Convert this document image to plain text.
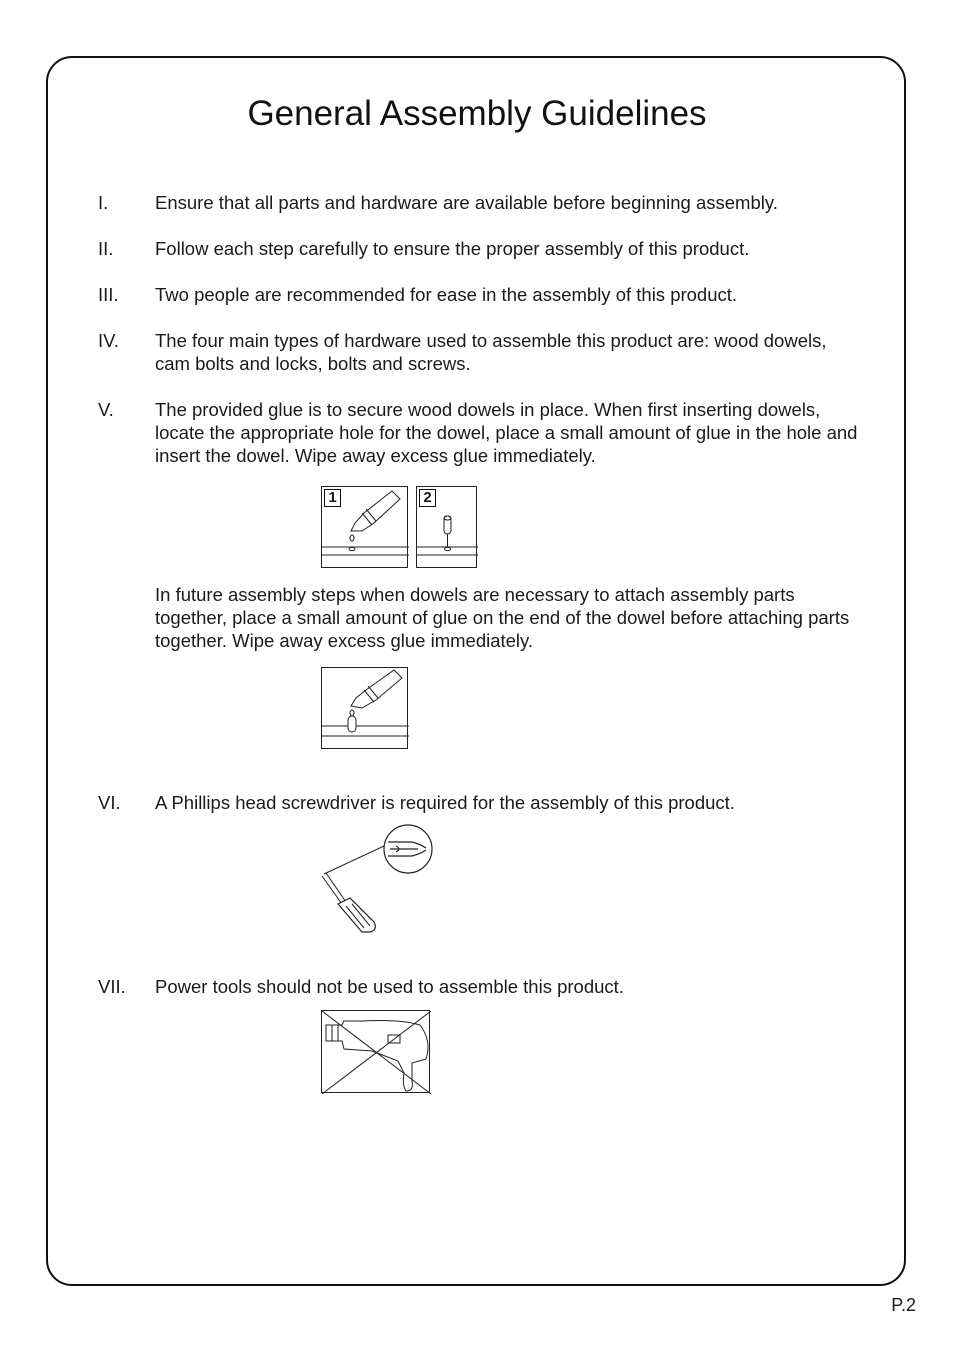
General Assembly Guidelines
I.	Ensure that all parts and hardware are available before beginning assembly.
II. Follow each step carefully to ensure the proper assembly of this product.
III. Two people are recommended for ease in the assembly of this product.
IV. The four main types of hardware used to assemble this product are: wood dowels, cam bolts and locks, bolts and screws.
V. The provided glue is to secure wood dowels in place. When first inserting dowels, locate the appropriate hole for the dowel, place a small amount of glue in the hole and insert the dowel. Wipe away excess glue immediately.
1	2
In future assembly steps when dowels are necessary to attach assembly parts together, place a small amount of glue on the end of the dowel before attaching parts together. Wipe away excess glue immediately.
VI. A Phillips head screwdriver is required for the assembly of this product.
VII. Power tools should not be used to assemble this product.
P.2
